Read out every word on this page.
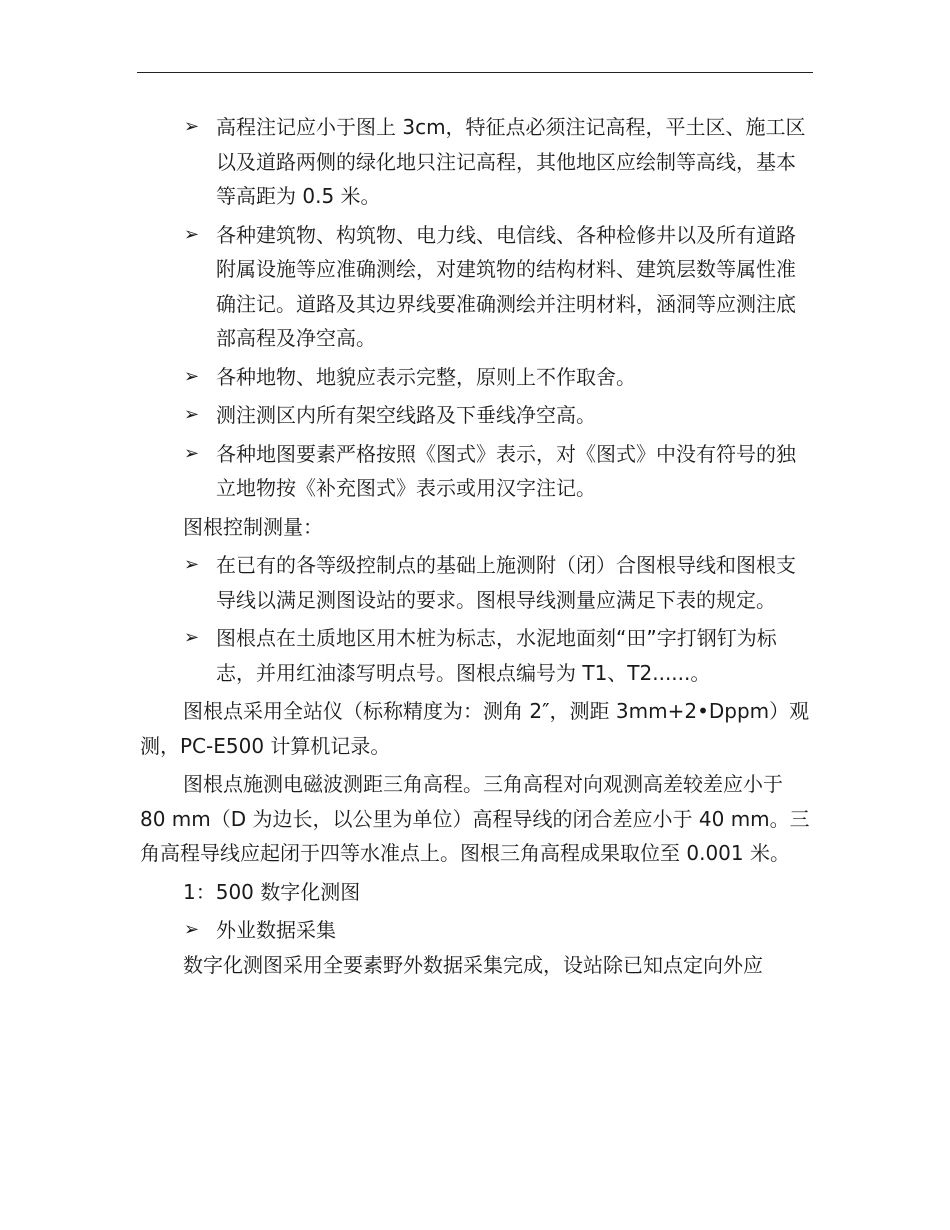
➢ 高程注记应小于图上 3cm，特征点必须注记高程，平土区、施工区以及道路两侧的绿化地只注记高程，其他地区应绘制等高线，基本等高距为 0.5 米。
➢ 各种建筑物、构筑物、电力线、电信线、各种检修井以及所有道路附属设施等应准确测绘，对建筑物的结构材料、建筑层数等属性准确注记。道路及其边界线要准确测绘并注明材料，涵洞等应测注底部高程及净空高。
➢ 各种地物、地貌应表示完整，原则上不作取舍。
➢ 测注测区内所有架空线路及下垂线净空高。
➢ 各种地图要素严格按照《图式》表示，对《图式》中没有符号的独立地物按《补充图式》表示或用汉字注记。
图根控制测量：
➢ 在已有的各等级控制点的基础上施测附（闭）合图根导线和图根支导线以满足测图设站的要求。图根导线测量应满足下表的规定。
➢ 图根点在土质地区用木桩为标志，水泥地面刻“田”字打钢钉为标志，并用红油漆写明点号。图根点编号为 T1、T2......。
图根点采用全站仪（标称精度为：测角 2″，测距 3mm+2•Dppm）观测，PC-E500 计算机记录。
图根点施测电磁波测距三角高程。三角高程对向观测高差较差应小于 80 mm（D 为边长，以公里为单位）高程导线的闭合差应小于 40 mm。三角高程导线应起闭于四等水准点上。图根三角高程成果取位至 0.001 米。
1：500 数字化测图
➢ 外业数据采集
数字化测图采用全要素野外数据采集完成，设站除已知点定向外应
